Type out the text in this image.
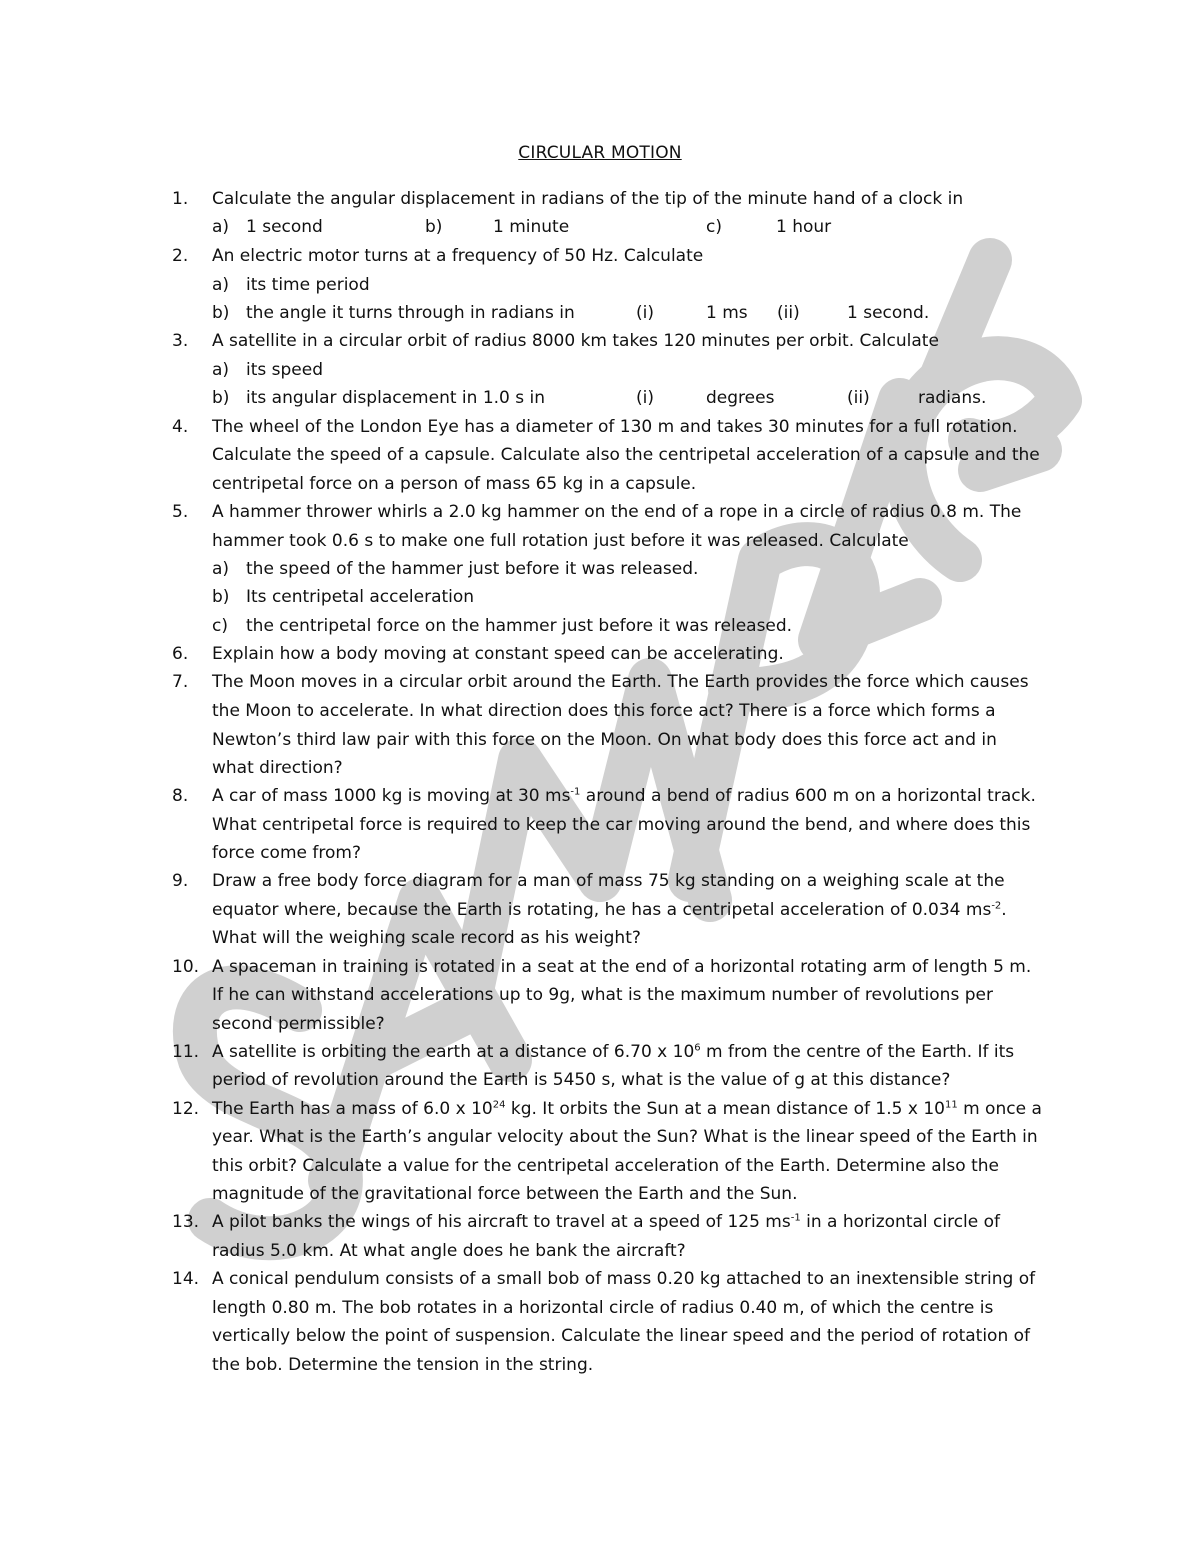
CIRCULAR MOTION
1.	Calculate the angular displacement in radians of the tip of the minute hand of a clock in
a) 1 second	b)	1 minute	c)	1 hour
2.	An electric motor turns at a frequency of 50 Hz. Calculate
a) its time period
b) the angle it turns through in radians in	(i)	1 ms (ii)	1 second.
3.	A satellite in a circular orbit of radius 8000 km takes 120 minutes per orbit. Calculate
a) its speed
b) its angular displacement in 1.0 s in	(i)	degrees	(ii)	radians.
4.	The wheel of the London Eye has a diameter of 130 m and takes 30 minutes for a full rotation.
Calculate the speed of a capsule. Calculate also the centripetal acceleration of a capsule and the
centripetal force on a person of mass 65 kg in a capsule.
5.	A hammer thrower whirls a 2.0 kg hammer on the end of a rope in a circle of radius 0.8 m. The
hammer took 0.6 s to make one full rotation just before it was released. Calculate
a) the speed of the hammer just before it was released.
b) Its centripetal acceleration
c) the centripetal force on the hammer just before it was released.
6.	Explain how a body moving at constant speed can be accelerating.
7.	The Moon moves in a circular orbit around the Earth. The Earth provides the force which causes
the Moon to accelerate. In what direction does this force act? There is a force which forms a
Newton’s third law pair with this force on the Moon. On what body does this force act and in
what direction?
8.	A car of mass 1000 kg is moving at 30 $ms^{-1}$ around a bend of radius 600 m on a horizontal track.
What centripetal force is required to keep the car moving around the bend, and where does this
force come from?
9.	Draw a free body force diagram for a man of mass 75 kg standing on a weighing scale at the
equator where, because the Earth is rotating, he has a centripetal acceleration of 0.034 $ms^{-2}$.
What will the weighing scale record as his weight?
10. A spaceman in training is rotated in a seat at the end of a horizontal rotating arm of length 5 m.
If he can withstand accelerations up to 9g, what is the maximum number of revolutions per
second permissible?
11. A satellite is orbiting the earth at a distance of 6.70 x $10^6$ m from the centre of the Earth. If its
period of revolution around the Earth is 5450 s, what is the value of g at this distance?
12. The Earth has a mass of 6.0 x $10^{24}$ kg. It orbits the Sun at a mean distance of 1.5 x $10^{11}$ m once a
year. What is the Earth’s angular velocity about the Sun? What is the linear speed of the Earth in
this orbit? Calculate a value for the centripetal acceleration of the Earth. Determine also the
magnitude of the gravitational force between the Earth and the Sun.
13. A pilot banks the wings of his aircraft to travel at a speed of 125 $ms^{-1}$ in a horizontal circle of
radius 5.0 km. At what angle does he bank the aircraft?
14. A conical pendulum consists of a small bob of mass 0.20 kg attached to an inextensible string of
length 0.80 m. The bob rotates in a horizontal circle of radius 0.40 m, of which the centre is
vertically below the point of suspension. Calculate the linear speed and the period of rotation of
the bob. Determine the tension in the string.
